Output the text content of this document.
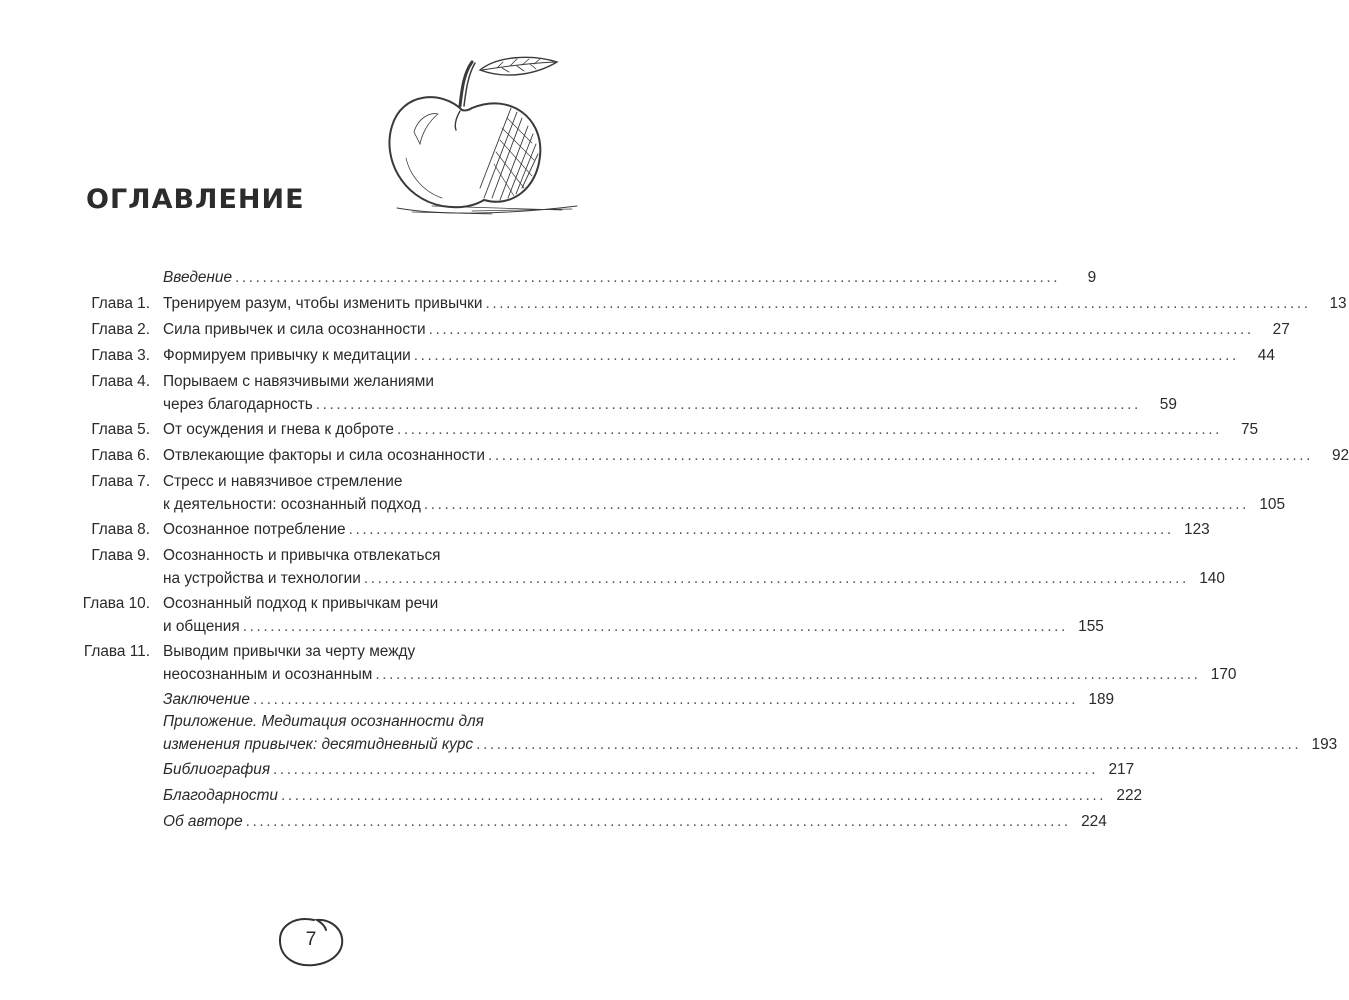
ОГЛАВЛЕНИЕ
Введение ........................................................................................................................	9
Глава 1. Тренируем разум, чтобы изменить привычки ........................................................................................................................	13
Глава 2. Сила привычек и сила осознанности ........................................................................................................................	27
Глава 3. Формируем привычку к медитации ........................................................................................................................	44
Глава 4. Порываем с навязчивыми желаниями
через благодарность ........................................................................................................................	59
Глава 5. От осуждения и гнева к доброте ........................................................................................................................	75
Глава 6. Отвлекающие факторы и сила осознанности ........................................................................................................................	92
Глава 7. Стресс и навязчивое стремление
к деятельности: осознанный подход ........................................................................................................................ 105
Глава 8. Осознанное потребление ........................................................................................................................ 123
Глава 9. Осознанность и привычка отвлекаться
на устройства и технологии ........................................................................................................................ 140
Глава 10. Осознанный подход к привычкам речи
и общения ........................................................................................................................ 155
Глава 11. Выводим привычки за черту между
неосознанным и осознанным ........................................................................................................................ 170
Заключение ........................................................................................................................ 189
Приложение. Медитация осознанности для
изменения привычек: десятидневный курс ........................................................................................................................ 193
Библиография ........................................................................................................................ 217
Благодарности ........................................................................................................................ 222
Об авторе ........................................................................................................................ 224
7
